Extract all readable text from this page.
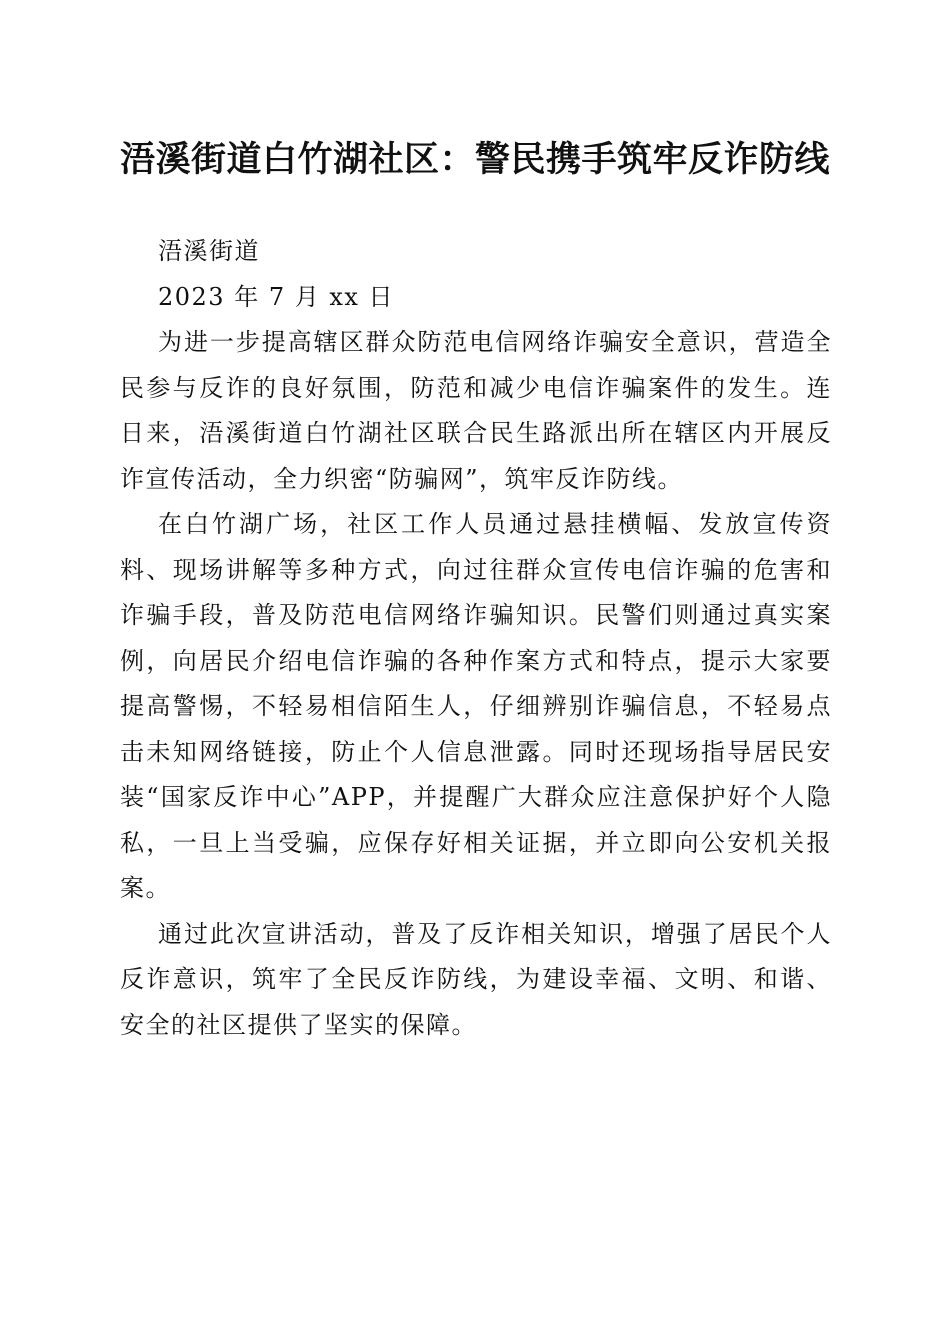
浯溪街道白竹湖社区：警民携手筑牢反诈防线

浯溪街道

2023 年 7 月 xx 日

为进一步提高辖区群众防范电信网络诈骗安全意识，营造全民参与反诈的良好氛围，防范和减少电信诈骗案件的发生。连日来，浯溪街道白竹湖社区联合民生路派出所在辖区内开展反诈宣传活动，全力织密“防骗网”，筑牢反诈防线。

在白竹湖广场，社区工作人员通过悬挂横幅、发放宣传资料、现场讲解等多种方式，向过往群众宣传电信诈骗的危害和诈骗手段，普及防范电信网络诈骗知识。民警们则通过真实案例，向居民介绍电信诈骗的各种作案方式和特点，提示大家要提高警惕，不轻易相信陌生人，仔细辨别诈骗信息，不轻易点击未知网络链接，防止个人信息泄露。同时还现场指导居民安装“国家反诈中心”APP，并提醒广大群众应注意保护好个人隐私，一旦上当受骗，应保存好相关证据，并立即向公安机关报案。

通过此次宣讲活动，普及了反诈相关知识，增强了居民个人反诈意识，筑牢了全民反诈防线，为建设幸福、文明、和谐、安全的社区提供了坚实的保障。
